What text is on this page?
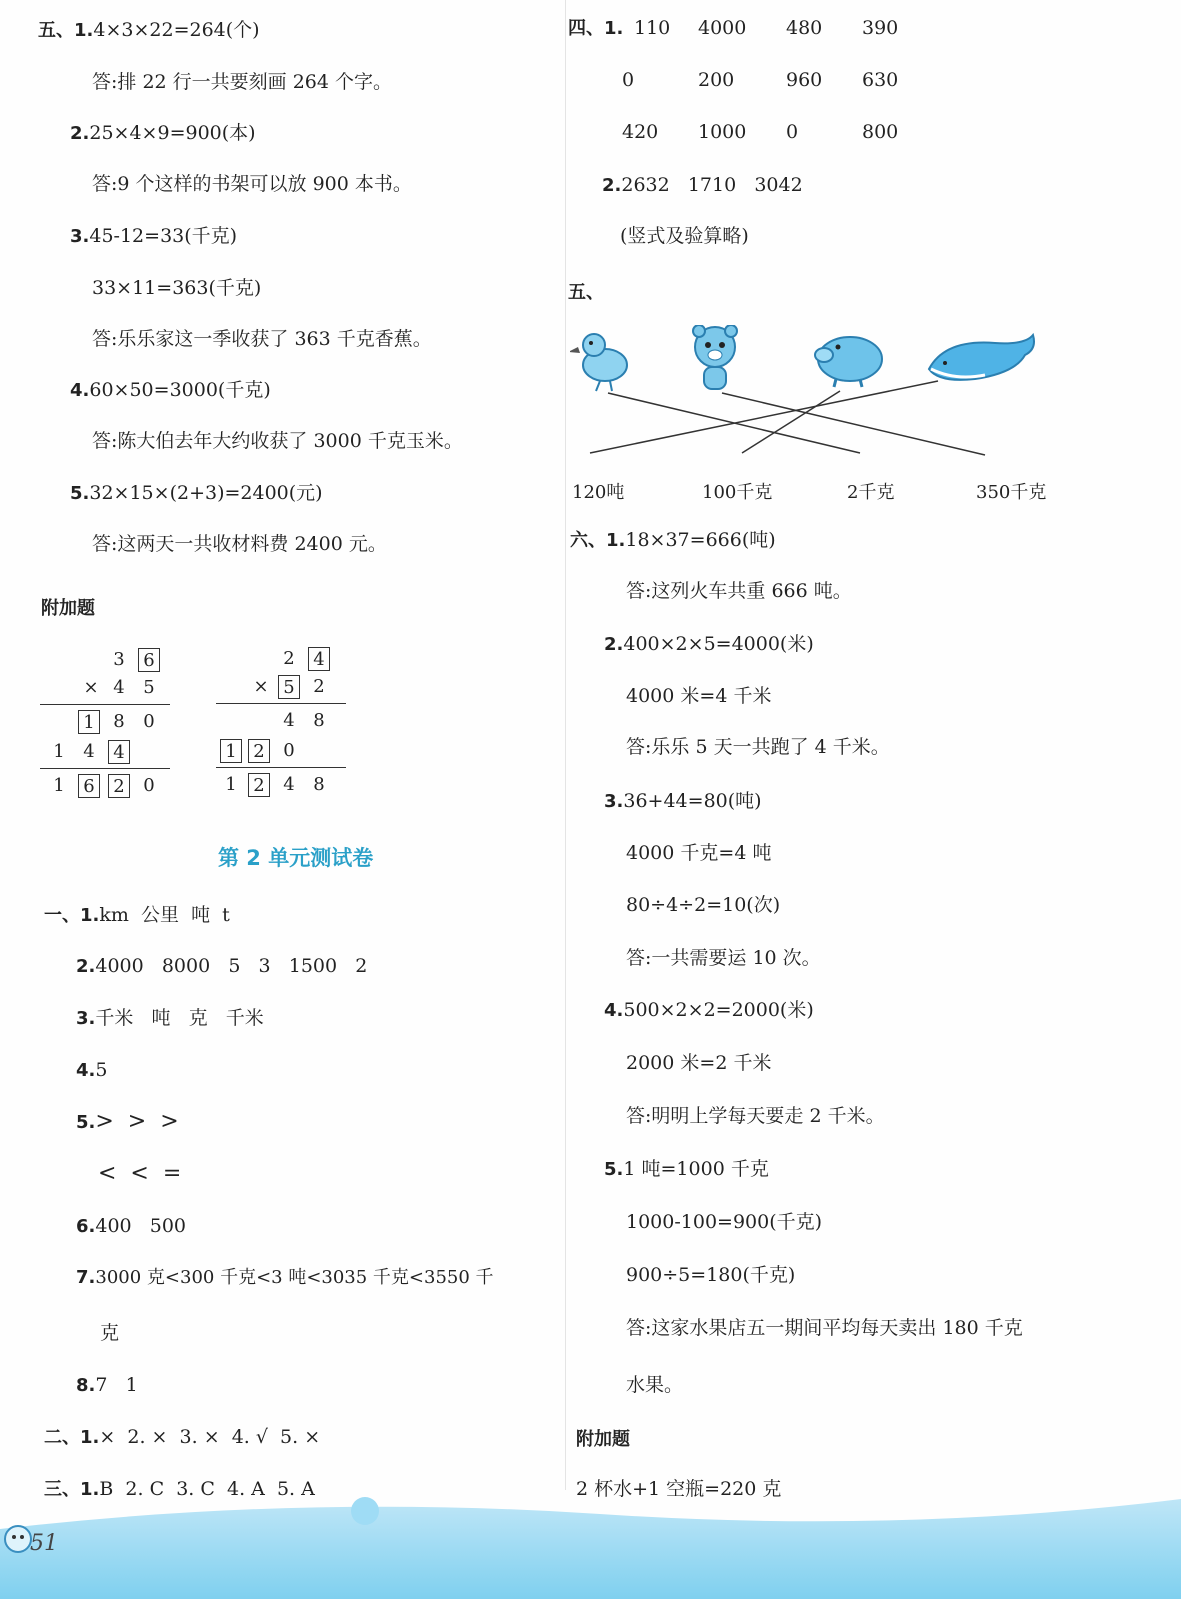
五、1.4×3×22=264(个)
答:排 22 行一共要刻画 264 个字。
2.25×4×9=900(本)
答:9 个这样的书架可以放 900 本书。
3.45-12=33(千克)
33×11=363(千克)
答:乐乐家这一季收获了 363 千克香蕉。
4.60×50=3000(千克)
答:陈大伯去年大约收获了 3000 千克玉米。
5.32×15×(2+3)=2400(元)
答:这两天一共收材料费 2400 元。
附加题
3 6
× 4 5
1 8 0
1 4 4
1 6 2 0
2 4
× 5 2
4 8
1 2 0
1 2 4 8
第 2 单元测试卷
一、1.km  公里  吨  t
2.4000   8000   5   3   1500   2
3.千米   吨   克   千米
4.5
5.>  >  >
<  <  =
6.400   500
7.3000 克<300 千克<3 吨<3035 千克<3550 千
克
8.7   1
二、1.×  2. ×  3. ×  4. √  5. ×
三、1.B  2. C  3. C  4. A  5. A
四、1. 110 4000 480 390
0	200	960 630
420 1000 0	800
2.2632   1710   3042
(竖式及验算略)
五、
120吨	100千克	2千克	350千克
六、1.18×37=666(吨)
答:这列火车共重 666 吨。
2.400×2×5=4000(米)
4000 米=4 千米
答:乐乐 5 天一共跑了 4 千米。
3.36+44=80(吨)
4000 千克=4 吨
80÷4÷2=10(次)
答:一共需要运 10 次。
4.500×2×2=2000(米)
2000 米=2 千米
答:明明上学每天要走 2 千米。
5.1 吨=1000 千克
1000-100=900(千克)
900÷5=180(千克)
答:这家水果店五一期间平均每天卖出 180 千克
水果。
附加题
2 杯水+1 空瓶=220 克
51
